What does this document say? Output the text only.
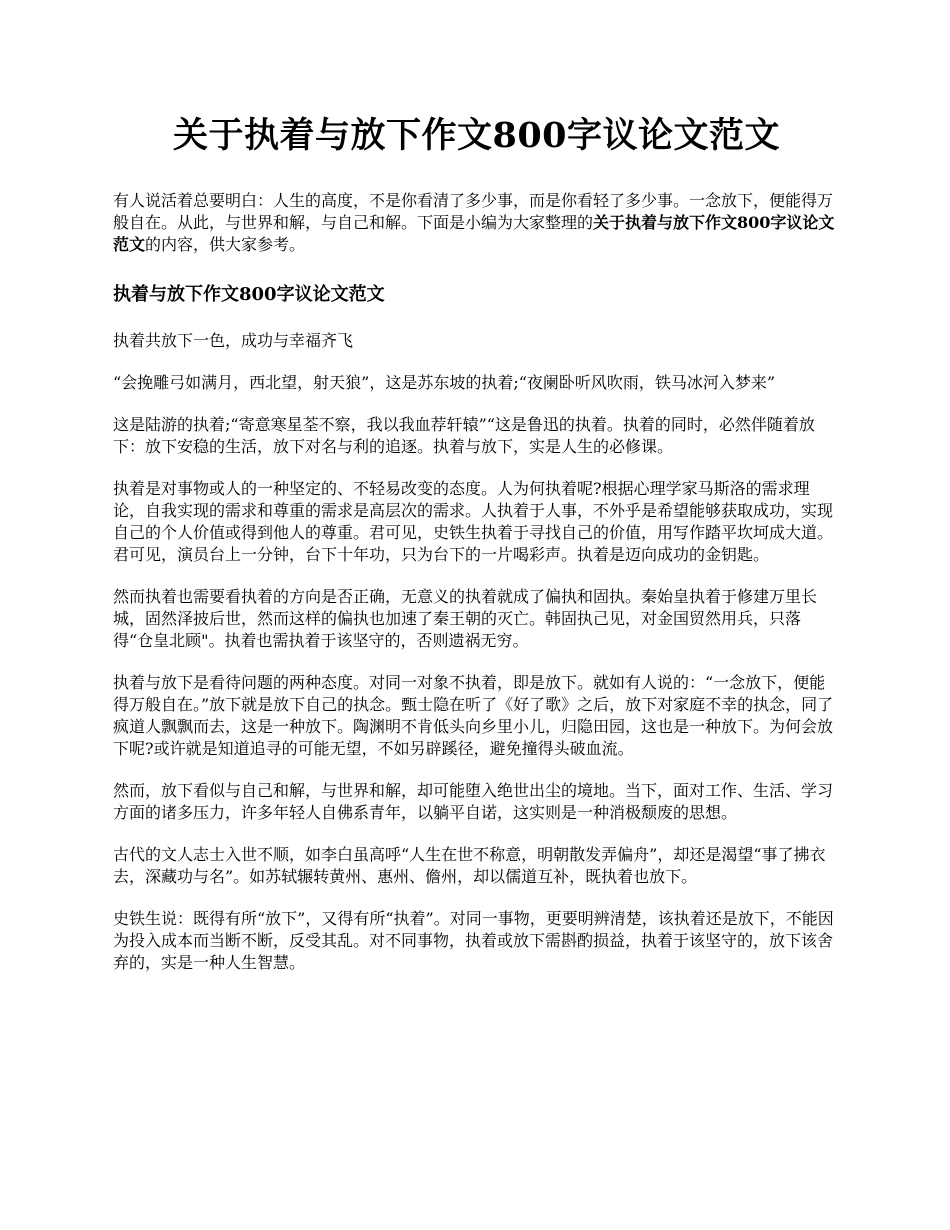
关于执着与放下作文800字议论文范文

有人说活着总要明白：人生的高度，不是你看清了多少事，而是你看轻了多少事。一念放下，便能得万般自在。从此，与世界和解，与自己和解。下面是小编为大家整理的关于执着与放下作文800字议论文范文的内容，供大家参考。

执着与放下作文800字议论文范文

执着共放下一色，成功与幸福齐飞

“会挽雕弓如满月，西北望，射天狼”，这是苏东坡的执着;“夜阑卧听风吹雨，铁马冰河入梦来”

这是陆游的执着;“寄意寒星荃不察，我以我血荐轩辕”“这是鲁迅的执着。执着的同时，必然伴随着放下：放下安稳的生活，放下对名与利的追逐。执着与放下，实是人生的必修课。

执着是对事物或人的一种坚定的、不轻易改变的态度。人为何执着呢?根据心理学家马斯洛的需求理论，自我实现的需求和尊重的需求是高层次的需求。人执着于人事，不外乎是希望能够获取成功，实现自己的个人价值或得到他人的尊重。君可见，史铁生执着于寻找自己的价值，用写作踏平坎坷成大道。君可见，演员台上一分钟，台下十年功，只为台下的一片喝彩声。执着是迈向成功的金钥匙。

然而执着也需要看执着的方向是否正确，无意义的执着就成了偏执和固执。秦始皇执着于修建万里长城，固然泽披后世，然而这样的偏执也加速了秦王朝的灭亡。韩固执己见，对金国贸然用兵，只落得“仓皇北顾"。执着也需执着于该坚守的，否则遗祸无穷。

执着与放下是看待问题的两种态度。对同一对象不执着，即是放下。就如有人说的：“一念放下，便能得万般自在。”放下就是放下自己的执念。甄士隐在听了《好了歌》之后，放下对家庭不幸的执念，同了疯道人飘飘而去，这是一种放下。陶渊明不肯低头向乡里小儿，归隐田园，这也是一种放下。为何会放下呢?或许就是知道追寻的可能无望，不如另辟蹊径，避免撞得头破血流。

然而，放下看似与自己和解，与世界和解，却可能堕入绝世出尘的境地。当下，面对工作、生活、学习方面的诸多压力，许多年轻人自佛系青年，以躺平自诺，这实则是一种消极颓废的思想。

古代的文人志士入世不顺，如李白虽高呼“人生在世不称意，明朝散发弄偏舟”，却还是渴望“事了拂衣去，深藏功与名”。如苏轼辗转黄州、惠州、儋州，却以儒道互补，既执着也放下。

史铁生说：既得有所“放下”，又得有所“执着”。对同一事物，更要明辨清楚，该执着还是放下，不能因为投入成本而当断不断，反受其乱。对不同事物，执着或放下需斟酌损益，执着于该坚守的，放下该舍弃的，实是一种人生智慧。
